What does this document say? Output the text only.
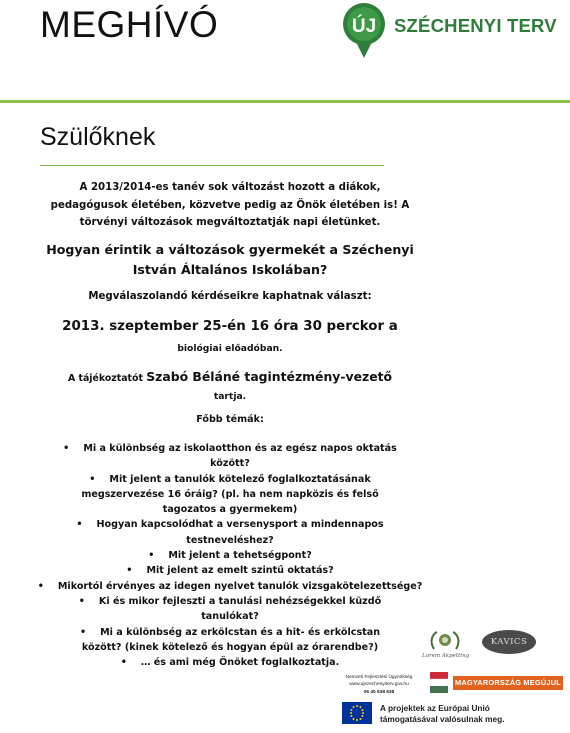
MEGHÍVÓ	ÚJ SZÉCHENYI TERV
Szülőknek
A 2013/2014-es tanév sok változást hozott a diákok,
pedagógusok életében, közvetve pedig az Önök életében is! A
törvényi változások megváltoztatják napi életünket.
Hogyan érintik a változások gyermekét a Széchenyi
István Általános Iskolában?
Megválaszolandó kérdéseikre kaphatnak választ:
2013. szeptember 25-én 16 óra 30 perckor a
biológiai előadóban.
A tájékoztatót Szabó Béláné tagintézmény-vezető
tartja.
Főbb témák:
• Mi a különbség az iskolaotthon és az egész napos oktatás
között?
• Mit jelent a tanulók kötelező foglalkoztatásának
megszervezése 16 óráig? (pl. ha nem napközis és felső
tagozatos a gyermekem)
• Hogyan kapcsolódhat a versenysport a mindennapos
testneveléshez?
• Mit jelent a tehetségpont?
• Mit jelent az emelt szintű oktatás?
• Mikortól érvényes az idegen nyelvet tanulók vizsgakötelezettsége?
• Ki és mikor fejleszti a tanulási nehézségekkel küzdő
tanulókat?
• Mi a különbség az erkölcstan és a hit- és erkölcstan
között? (kinek kötelező és hogyan épül az órarendbe?)
• … és ami még Önöket foglalkoztatja.
Lorem Akpetting
KAVICS
Nemzeti Fejlesztési Ügynökség
www.ujszechenyiterv.gov.hu
06 40 638 638
MAGYARORSZÁG MEGÚJUL
A projektek az Európai Unió
támogatásával valósulnak meg.
